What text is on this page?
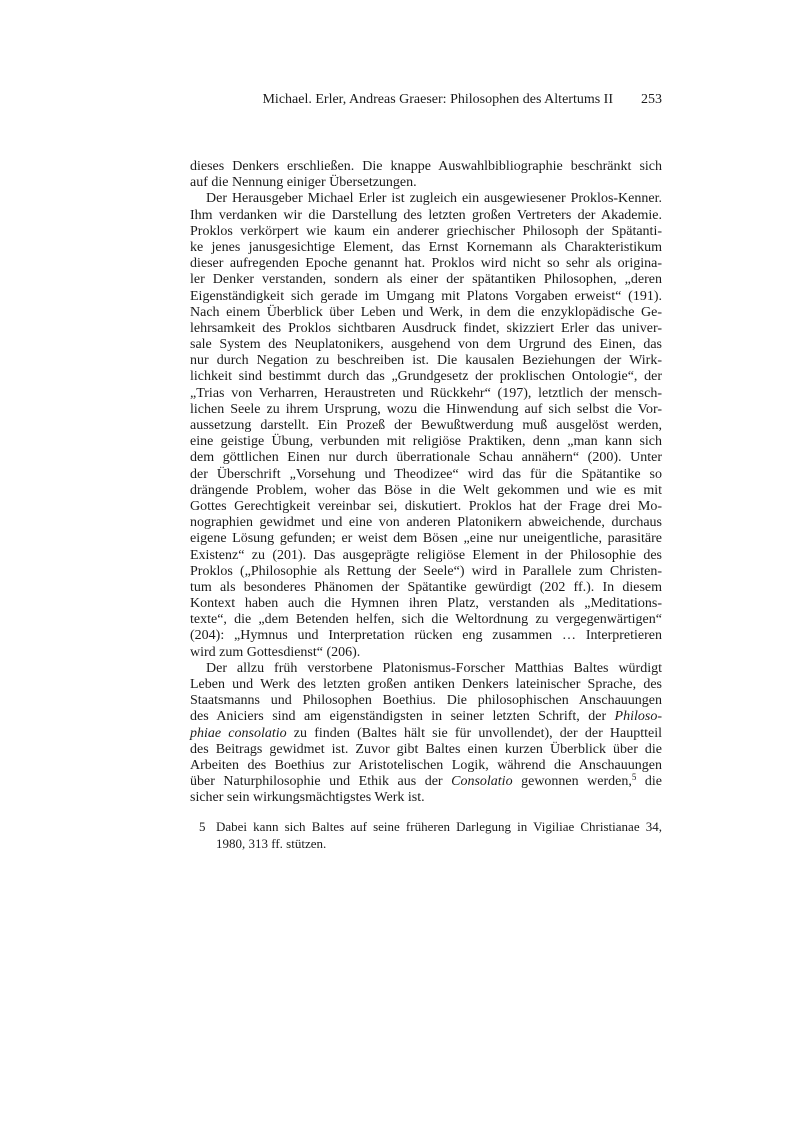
Michael. Erler, Andreas Graeser: Philosophen des Altertums II 253
dieses Denkers erschließen. Die knappe Auswahlbibliographie beschränkt sich
auf die Nennung einiger Übersetzungen.
Der Herausgeber Michael Erler ist zugleich ein ausgewiesener Proklos-Kenner.
Ihm verdanken wir die Darstellung des letzten großen Vertreters der Akademie.
Proklos verkörpert wie kaum ein anderer griechischer Philosoph der Spätanti-
ke jenes janusgesichtige Element, das Ernst Kornemann als Charakteristikum
dieser aufregenden Epoche genannt hat. Proklos wird nicht so sehr als origina-
ler Denker verstanden, sondern als einer der spätantiken Philosophen, „deren
Eigenständigkeit sich gerade im Umgang mit Platons Vorgaben erweist“ (191).
Nach einem Überblick über Leben und Werk, in dem die enzyklopädische Ge-
lehrsamkeit des Proklos sichtbaren Ausdruck findet, skizziert Erler das univer-
sale System des Neuplatonikers, ausgehend von dem Urgrund des Einen, das
nur durch Negation zu beschreiben ist. Die kausalen Beziehungen der Wirk-
lichkeit sind bestimmt durch das „Grundgesetz der proklischen Ontologie“, der
„Trias von Verharren, Heraustreten und Rückkehr“ (197), letztlich der mensch-
lichen Seele zu ihrem Ursprung, wozu die Hinwendung auf sich selbst die Vor-
aussetzung darstellt. Ein Prozeß der Bewußtwerdung muß ausgelöst werden,
eine geistige Übung, verbunden mit religiöse Praktiken, denn „man kann sich
dem göttlichen Einen nur durch überrationale Schau annähern“ (200). Unter
der Überschrift „Vorsehung und Theodizee“ wird das für die Spätantike so
drängende Problem, woher das Böse in die Welt gekommen und wie es mit
Gottes Gerechtigkeit vereinbar sei, diskutiert. Proklos hat der Frage drei Mo-
nographien gewidmet und eine von anderen Platonikern abweichende, durchaus
eigene Lösung gefunden; er weist dem Bösen „eine nur uneigentliche, parasitäre
Existenz“ zu (201). Das ausgeprägte religiöse Element in der Philosophie des
Proklos („Philosophie als Rettung der Seele“) wird in Parallele zum Christen-
tum als besonderes Phänomen der Spätantike gewürdigt (202 ff.). In diesem
Kontext haben auch die Hymnen ihren Platz, verstanden als „Meditations-
texte“, die „dem Betenden helfen, sich die Weltordnung zu vergegenwärtigen“
(204): „Hymnus und Interpretation rücken eng zusammen … Interpretieren
wird zum Gottesdienst“ (206).
Der allzu früh verstorbene Platonismus-Forscher Matthias Baltes würdigt
Leben und Werk des letzten großen antiken Denkers lateinischer Sprache, des
Staatsmanns und Philosophen Boethius. Die philosophischen Anschauungen
des Aniciers sind am eigenständigsten in seiner letzten Schrift, der Philoso-
phiae consolatio zu finden (Baltes hält sie für unvollendet), der der Hauptteil
des Beitrags gewidmet ist. Zuvor gibt Baltes einen kurzen Überblick über die
Arbeiten des Boethius zur Aristotelischen Logik, während die Anschauungen
über Naturphilosophie und Ethik aus der Consolatio gewonnen werden,$^5$ die
sicher sein wirkungsmächtigstes Werk ist.
5 Dabei kann sich Baltes auf seine früheren Darlegung in Vigiliae Christianae 34,
1980, 313 ff. stützen.
